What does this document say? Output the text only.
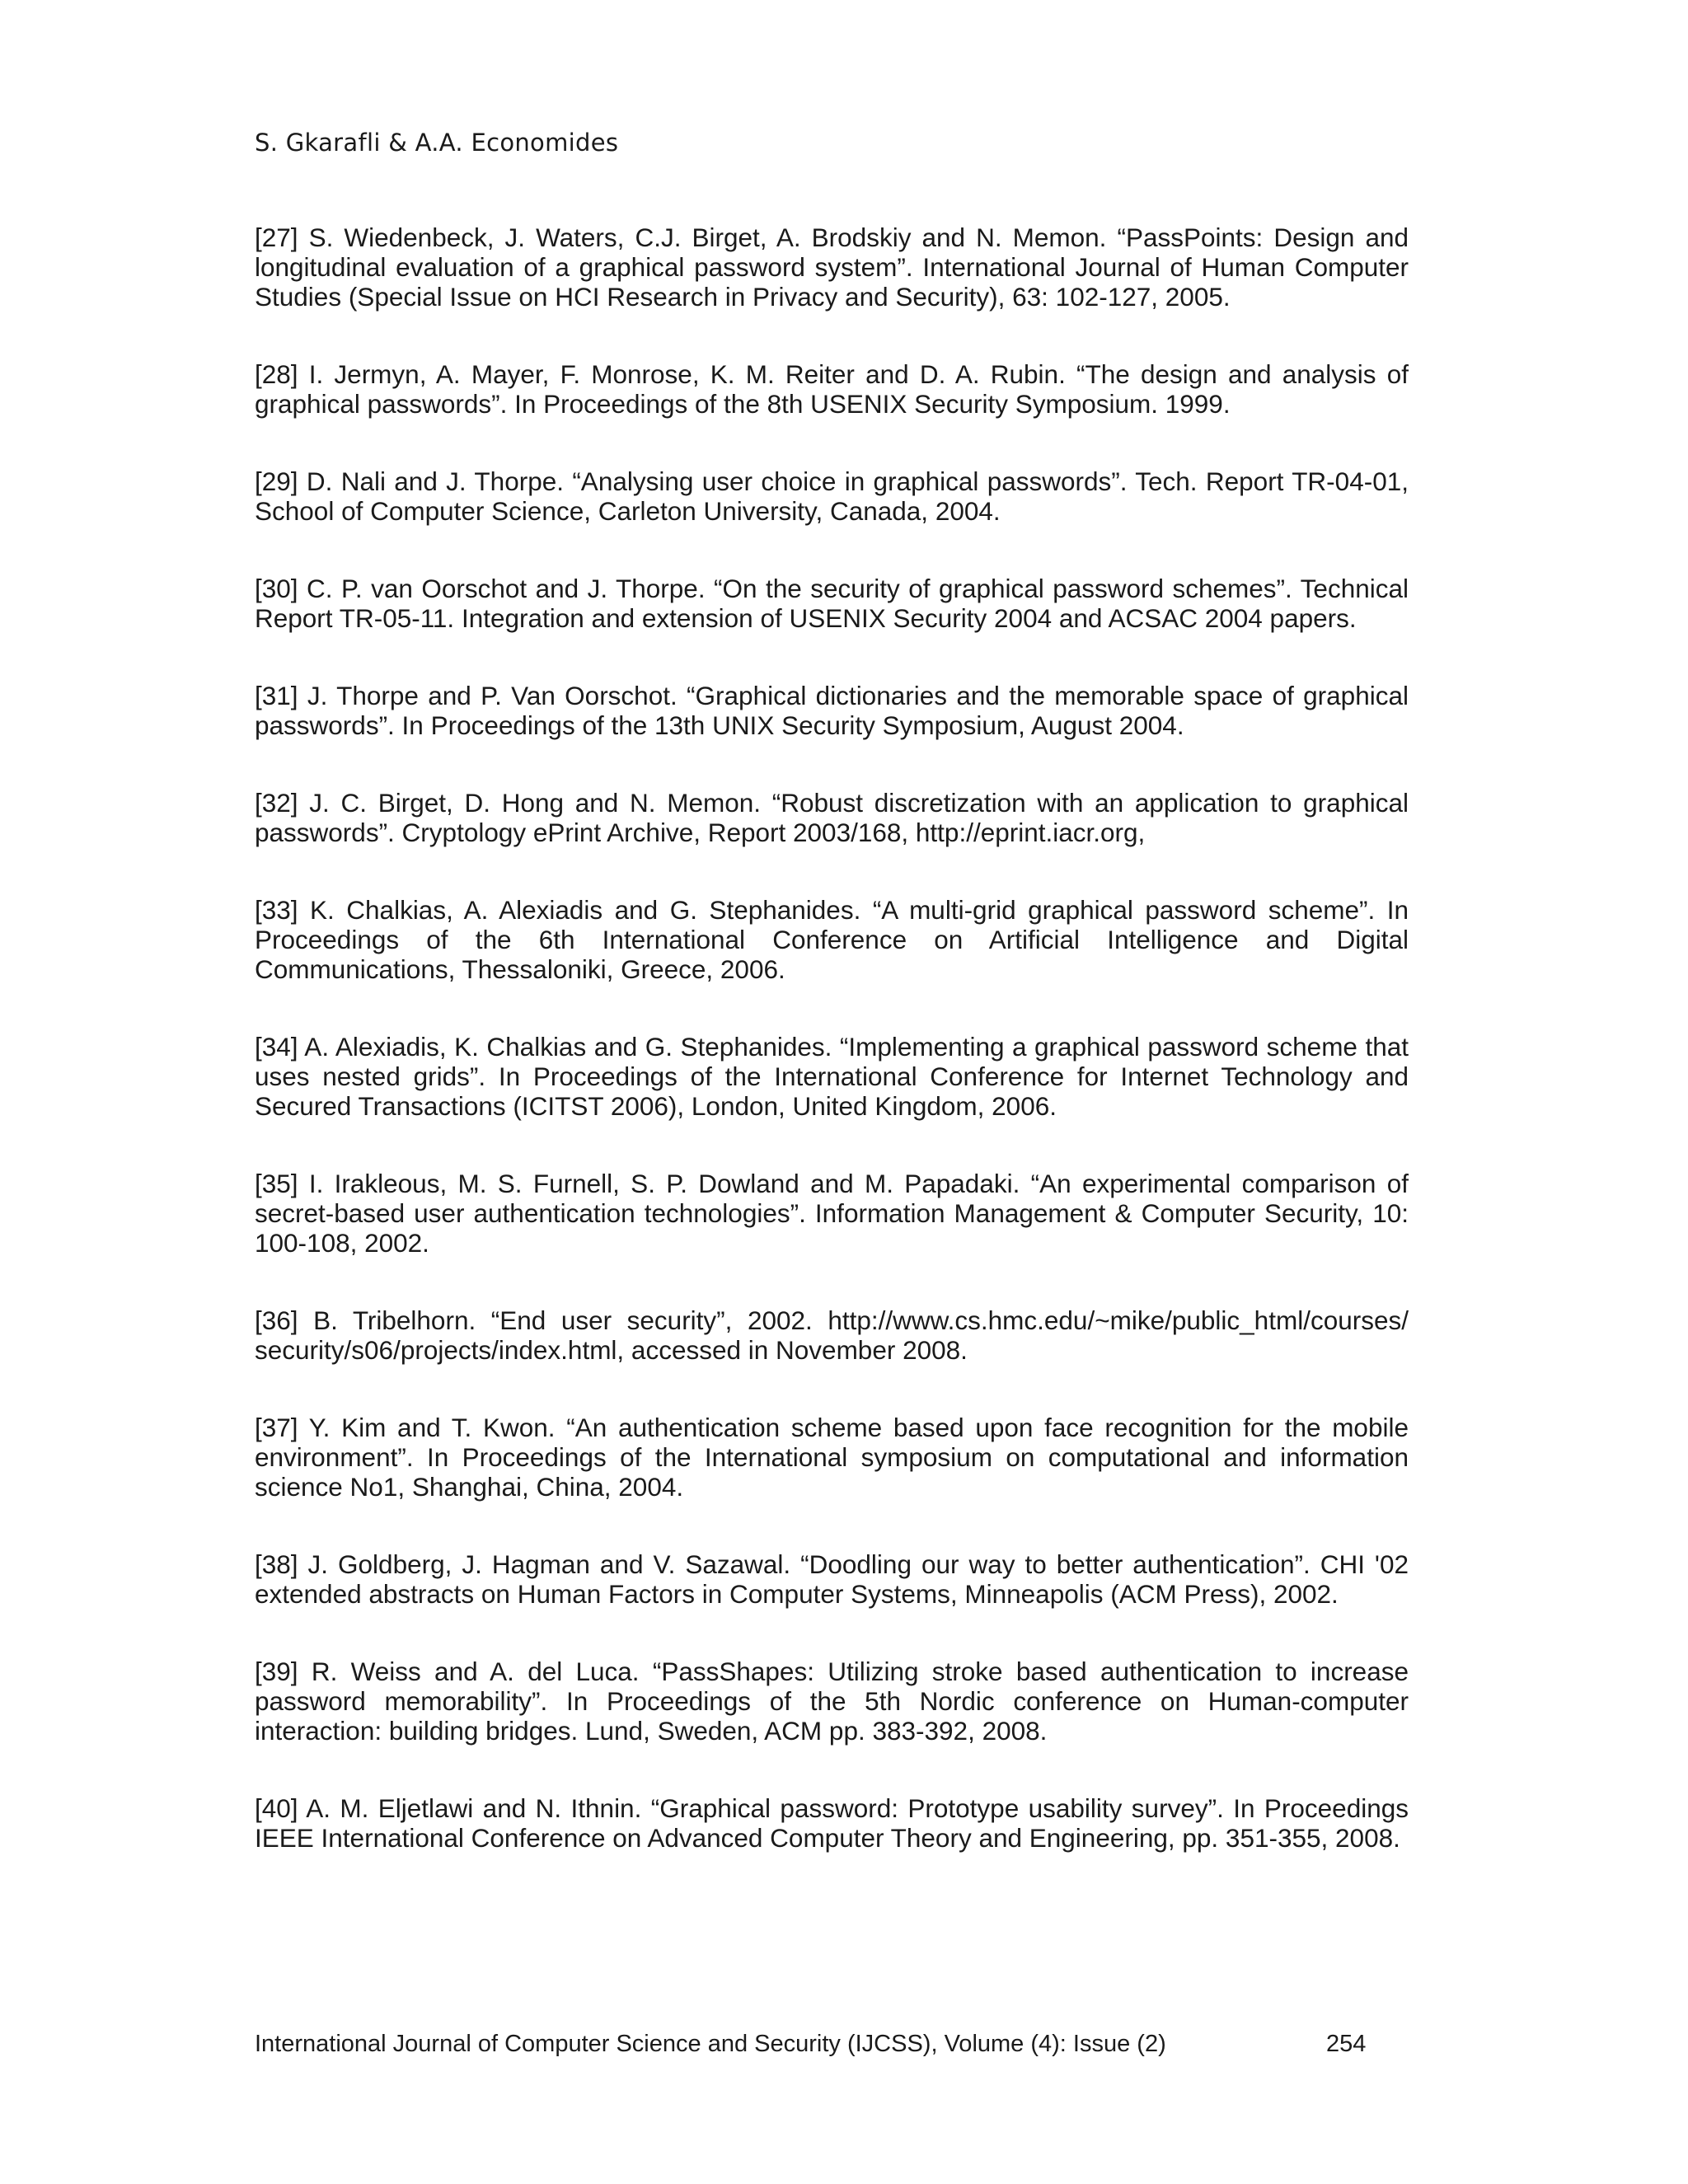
S. Gkarafli & A.A. Economides
[27] S. Wiedenbeck, J. Waters, C.J. Birget, A. Brodskiy and N. Memon. “PassPoints: Design and longitudinal evaluation of a graphical password system”. International Journal of Human Computer Studies (Special Issue on HCI Research in Privacy and Security), 63: 102-127, 2005.
[28] I. Jermyn, A. Mayer, F. Monrose, K. M. Reiter and D. A. Rubin. “The design and analysis of graphical passwords”. In Proceedings of the 8th USENIX Security Symposium. 1999.
[29] D. Nali and J. Thorpe. “Analysing user choice in graphical passwords”. Tech. Report TR-04-01, School of Computer Science, Carleton University, Canada, 2004.
[30] C. P. van Oorschot and J. Thorpe. “On the security of graphical password schemes”. Technical Report TR-05-11. Integration and extension of USENIX Security 2004 and ACSAC 2004 papers.
[31] J. Thorpe and P. Van Oorschot. “Graphical dictionaries and the memorable space of graphical passwords”. In Proceedings of the 13th UNIX Security Symposium, August 2004.
[32] J. C. Birget, D. Hong and N. Memon. “Robust discretization with an application to graphical passwords”. Cryptology ePrint Archive, Report 2003/168, http://eprint.iacr.org,
[33] K. Chalkias, A. Alexiadis and G. Stephanides. “A multi-grid graphical password scheme”. In Proceedings of the 6th International Conference on Artificial Intelligence and Digital Communications, Thessaloniki, Greece, 2006.
[34] A. Alexiadis, K. Chalkias and G. Stephanides. “Implementing a graphical password scheme that uses nested grids”. In Proceedings of the International Conference for Internet Technology and Secured Transactions (ICITST 2006), London, United Kingdom, 2006.
[35] I. Irakleous, M. S. Furnell, S. P. Dowland and M. Papadaki. “An experimental comparison of secret-based user authentication technologies”. Information Management & Computer Security, 10: 100-108, 2002.
[36] B. Tribelhorn. “End user security”, 2002. http://www.cs.hmc.edu/~mike/public_html/courses/ security/s06/projects/index.html, accessed in November 2008.
[37] Y. Kim and T. Kwon. “An authentication scheme based upon face recognition for the mobile environment”. In Proceedings of the International symposium on computational and information science No1, Shanghai, China, 2004.
[38] J. Goldberg, J. Hagman and V. Sazawal. “Doodling our way to better authentication”. CHI '02 extended abstracts on Human Factors in Computer Systems, Minneapolis (ACM Press), 2002.
[39] R. Weiss and A. del Luca. “PassShapes: Utilizing stroke based authentication to increase password memorability”. In Proceedings of the 5th Nordic conference on Human-computer interaction: building bridges. Lund, Sweden, ACM pp. 383-392, 2008.
[40] A. M. Eljetlawi and N. Ithnin. “Graphical password: Prototype usability survey”. In Proceedings IEEE International Conference on Advanced Computer Theory and Engineering, pp. 351-355, 2008.
International Journal of Computer Science and Security (IJCSS), Volume (4): Issue (2)	254
